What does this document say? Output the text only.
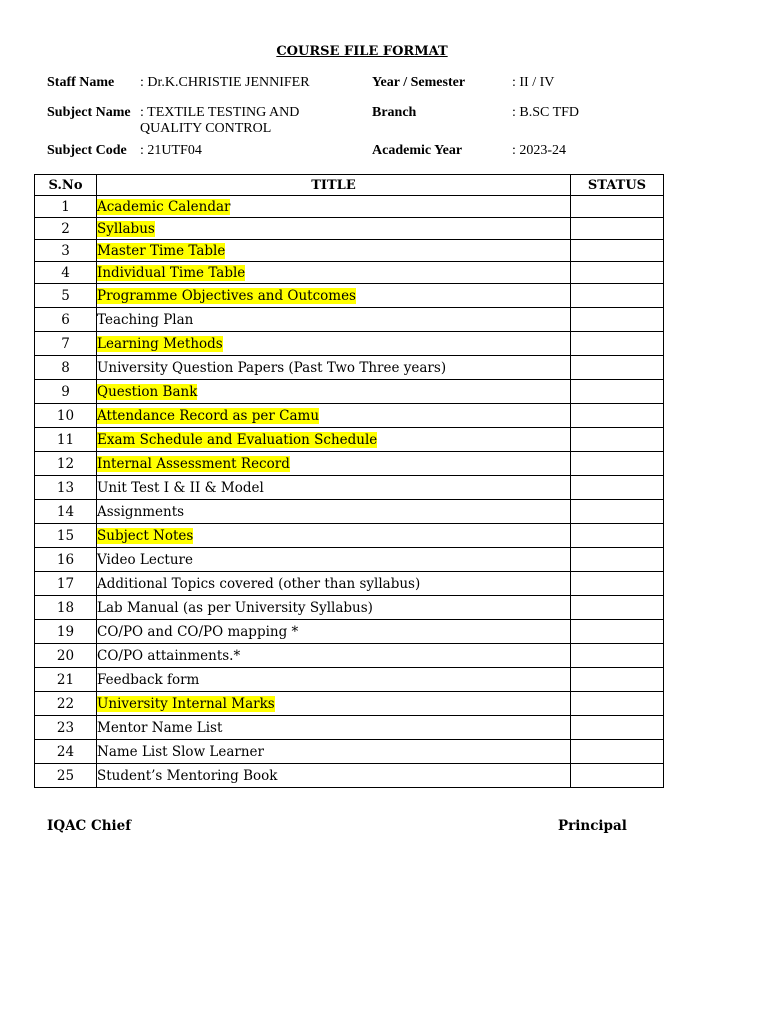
COURSE FILE FORMAT
Staff Name : Dr.K.CHRISTIE JENNIFER	Year / Semester	: II / IV
Subject Name : TEXTILE TESTING AND
QUALITY CONTROL
Branch	: B.SC TFD
Subject Code : 21UTF04	Academic Year	: 2023-24
S.No	TITLE	STATUS
1	Academic Calendar	
2	Syllabus	
3	Master Time Table	
4	Individual Time Table	
5	Programme Objectives and Outcomes	
6	Teaching Plan	
7	Learning Methods	
8	University Question Papers (Past Two Three years)	
9	Question Bank	
10	Attendance Record as per Camu	
11	Exam Schedule and Evaluation Schedule	
12	Internal Assessment Record	
13	Unit Test I & II & Model	
14	Assignments	
15	Subject Notes	
16	Video Lecture	
17	Additional Topics covered (other than syllabus)	
18	Lab Manual (as per University Syllabus)	
19	CO/PO and CO/PO mapping *	
20	CO/PO attainments.*	
21	Feedback form	
22	University Internal Marks	
23	Mentor Name List	
24	Name List Slow Learner	
25	Student’s Mentoring Book	
IQAC Chief	Principal
